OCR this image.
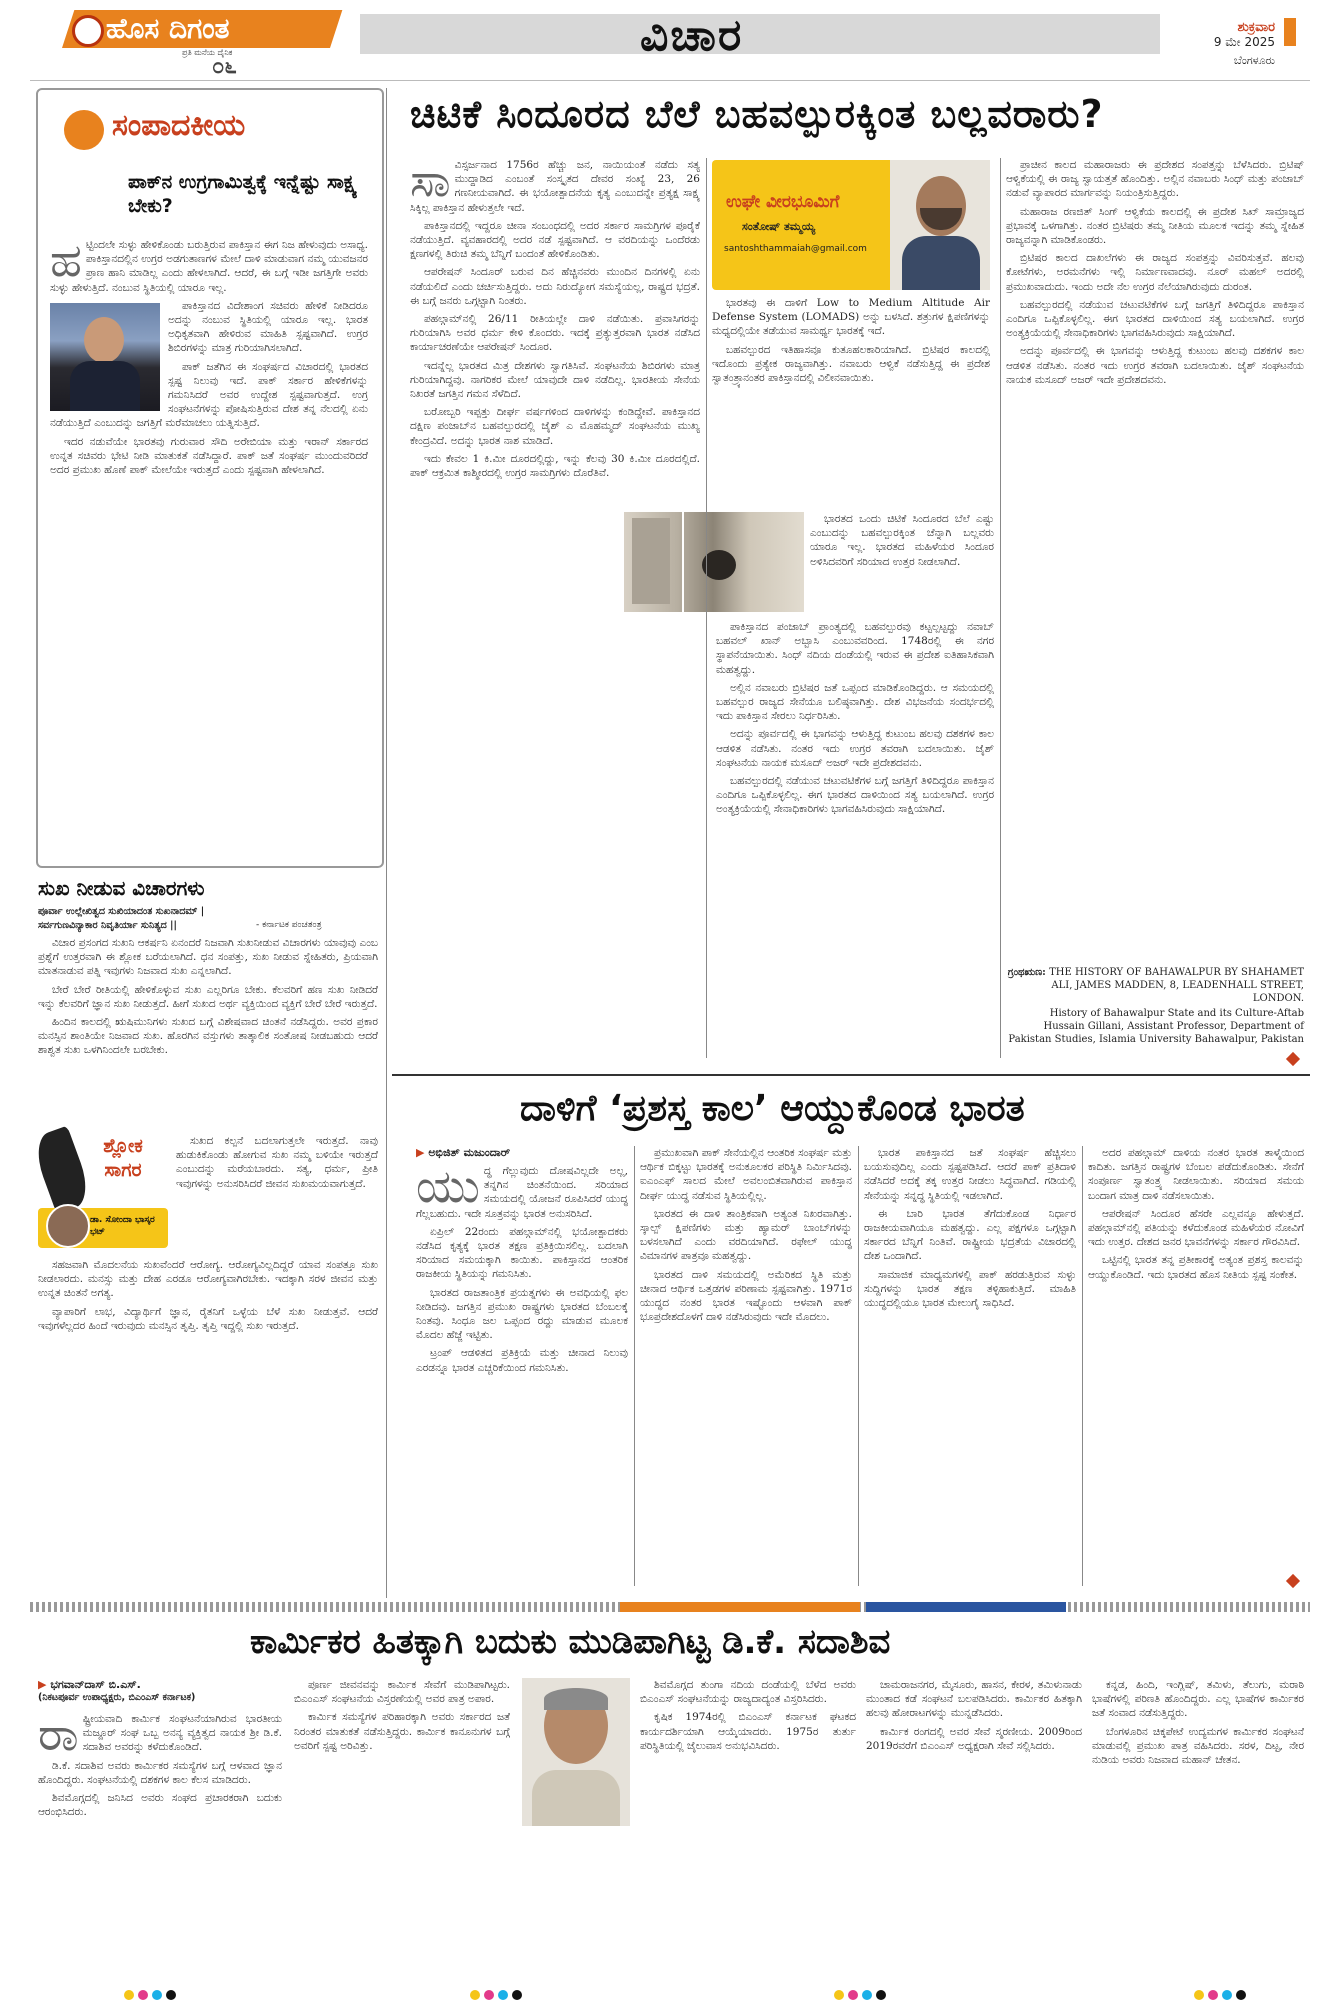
ಹೊಸ ದಿಗಂತ
ಪ್ರತಿ ಮನೆಯ ದೈನಿಕ
೦೬
ವಿಚಾರ	ಶುಕ್ರವಾರ
9 ಮೇ 2025
ಬೆಂಗಳೂರು
ಸಂಪಾದಕೀಯ
ಪಾಕ್‌ನ ಉಗ್ರಗಾಮಿತ್ವಕ್ಕೆ ಇನ್ನೆಷ್ಟು ಸಾಕ್ಷ್ಯ ಬೇಕು?
ಹ ಟ್ಟಿಂದಲೇ ಸುಳ್ಳು ಹೇಳಿಕೊಂಡು ಬರುತ್ತಿರುವ ಪಾಕಿಸ್ತಾನ ಈಗ ನಿಜ ಹೇಳುವುದು ಅಸಾಧ್ಯ. ಪಾಕಿಸ್ತಾನದಲ್ಲಿನ ಉಗ್ರರ ಅಡಗುತಾಣಗಳ ಮೇಲೆ ದಾಳಿ ಮಾಡುವಾಗ ನಮ್ಮ ಯುವಜನರ ಪ್ರಾಣ ಹಾನಿ ಮಾಡಿಲ್ಲ ಎಂದು ಹೇಳಲಾಗಿದೆ. ಆದರೆ, ಈ ಬಗ್ಗೆ ಇಡೀ ಜಗತ್ತಿಗೇ ಅವರು ಸುಳ್ಳು ಹೇಳುತ್ತಿದೆ. ನಂಬುವ ಸ್ಥಿತಿಯಲ್ಲಿ ಯಾರೂ ಇಲ್ಲ.

ಪಾಕಿಸ್ತಾನದ ವಿದೇಶಾಂಗ ಸಚಿವರು ಹೇಳಿಕೆ ನೀಡಿದರೂ ಅದನ್ನು ನಂಬುವ ಸ್ಥಿತಿಯಲ್ಲಿ ಯಾರೂ ಇಲ್ಲ. ಭಾರತ ಅಧಿಕೃತವಾಗಿ ಹೇಳಿರುವ ಮಾಹಿತಿ ಸ್ಪಷ್ಟವಾಗಿದೆ. ಉಗ್ರರ ಶಿಬಿರಗಳನ್ನು ಮಾತ್ರ ಗುರಿಯಾಗಿಸಲಾಗಿದೆ.

ಪಾಕ್ ಜತೆಗಿನ ಈ ಸಂಘರ್ಷದ ವಿಚಾರದಲ್ಲಿ ಭಾರತದ ಸ್ಪಷ್ಟ ನಿಲುವು ಇದೆ. ಪಾಕ್ ಸರ್ಕಾರ ಹೇಳಿಕೆಗಳನ್ನು ಗಮನಿಸಿದರೆ ಅವರ ಉದ್ದೇಶ ಸ್ಪಷ್ಟವಾಗುತ್ತದೆ. ಉಗ್ರ ಸಂಘಟನೆಗಳನ್ನು ಪೋಷಿಸುತ್ತಿರುವ ದೇಶ ತನ್ನ ನೆಲದಲ್ಲಿ ಏನು ನಡೆಯುತ್ತಿದೆ ಎಂಬುದನ್ನು ಜಗತ್ತಿಗೆ ಮರೆಮಾಚಲು ಯತ್ನಿಸುತ್ತಿದೆ.

ಇದರ ನಡುವೆಯೇ ಭಾರತವು ಗುರುವಾರ ಸೌದಿ ಅರೇಬಿಯಾ ಮತ್ತು ಇರಾನ್ ಸರ್ಕಾರದ ಉನ್ನತ ಸಚಿವರು ಭೇಟಿ ನೀಡಿ ಮಾತುಕತೆ ನಡೆಸಿದ್ದಾರೆ. ಪಾಕ್ ಜತೆ ಸಂಘರ್ಷ ಮುಂದುವರಿದರೆ ಅದರ ಪ್ರಮುಖ ಹೊಣೆ ಪಾಕ್ ಮೇಲೆಯೇ ಇರುತ್ತದೆ ಎಂದು ಸ್ಪಷ್ಟವಾಗಿ ಹೇಳಲಾಗಿದೆ.

ಸುಖ ನೀಡುವ ವಿಚಾರಗಳು
ಪೂರ್ವಾ ಉಲ್ಲೇಖಿತ್ವದ ಸುಖಿಯಾದಂತ ಸುಖನಾದಮ್ |
ಸರ್ವಗುಣವಿನ್ಯಾಕಾರ ನಿವೃತಿರ್ಯಾ ಸುನಿತ್ಯದ ||	- ಕರ್ನಾಟಕ ಪಂಚತಂತ್ರ

ವಿಚಾರ ಪ್ರಸಂಗದ ಸುಖನಿ ಆಕರ್ಷನಿ ಏನಂದರೆ ನಿಜವಾಗಿ ಸುಖನೀಡುವ ವಿಚಾರಗಳು ಯಾವುವು ಎಂಬ ಪ್ರಶ್ನೆಗೆ ಉತ್ತರವಾಗಿ ಈ ಶ್ಲೋಕ ಬರೆಯಲಾಗಿದೆ. ಧನ ಸಂಪತ್ತು, ಸುಖ ನೀಡುವ ಸ್ನೇಹಿತರು, ಪ್ರಿಯವಾಗಿ ಮಾತನಾಡುವ ಪತ್ನಿ ಇವುಗಳು ನಿಜವಾದ ಸುಖ ಎನ್ನಲಾಗಿದೆ.

ಬೇರೆ ಬೇರೆ ರೀತಿಯಲ್ಲಿ ಹೇಳಿಕೊಳ್ಳುವ ಸುಖ ಎಲ್ಲರಿಗೂ ಬೇಕು. ಕೆಲವರಿಗೆ ಹಣ ಸುಖ ನೀಡಿದರೆ ಇನ್ನು ಕೆಲವರಿಗೆ ಜ್ಞಾನ ಸುಖ ನೀಡುತ್ತದೆ. ಹೀಗೆ ಸುಖದ ಅರ್ಥ ವ್ಯಕ್ತಿಯಿಂದ ವ್ಯಕ್ತಿಗೆ ಬೇರೆ ಬೇರೆ ಇರುತ್ತದೆ.

ಹಿಂದಿನ ಕಾಲದಲ್ಲಿ ಋಷಿಮುನಿಗಳು ಸುಖದ ಬಗ್ಗೆ ವಿಶೇಷವಾದ ಚಿಂತನೆ ನಡೆಸಿದ್ದರು. ಅವರ ಪ್ರಕಾರ ಮನಸ್ಸಿನ ಶಾಂತಿಯೇ ನಿಜವಾದ ಸುಖ. ಹೊರಗಿನ ವಸ್ತುಗಳು ತಾತ್ಕಾಲಿಕ ಸಂತೋಷ ನೀಡಬಹುದು ಆದರೆ ಶಾಶ್ವತ ಸುಖ ಒಳಗಿನಿಂದಲೇ ಬರಬೇಕು.

ಶ್ಲೋಕ ಸಾಗರ
ಡಾ. ಸೋಂದಾ ಭಾಸ್ಕರ ಭಟ್

ಸುಖದ ಕಲ್ಪನೆ ಬದಲಾಗುತ್ತಲೇ ಇರುತ್ತದೆ. ನಾವು ಹುಡುಕಿಕೊಂಡು ಹೋಗುವ ಸುಖ ನಮ್ಮ ಬಳಿಯೇ ಇರುತ್ತದೆ ಎಂಬುದನ್ನು ಮರೆಯಬಾರದು. ಸತ್ಯ, ಧರ್ಮ, ಪ್ರೀತಿ ಇವುಗಳನ್ನು ಅನುಸರಿಸಿದರೆ ಜೀವನ ಸುಖಮಯವಾಗುತ್ತದೆ.

ಸಹಜವಾಗಿ ಮೊದಲನೆಯ ಸುಖವೆಂದರೆ ಆರೋಗ್ಯ. ಆರೋಗ್ಯವಿಲ್ಲದಿದ್ದರೆ ಯಾವ ಸಂಪತ್ತೂ ಸುಖ ನೀಡಲಾರದು. ಮನಸ್ಸು ಮತ್ತು ದೇಹ ಎರಡೂ ಆರೋಗ್ಯವಾಗಿರಬೇಕು. ಇದಕ್ಕಾಗಿ ಸರಳ ಜೀವನ ಮತ್ತು ಉನ್ನತ ಚಿಂತನೆ ಅಗತ್ಯ.

ವ್ಯಾಪಾರಿಗೆ ಲಾಭ, ವಿದ್ಯಾರ್ಥಿಗೆ ಜ್ಞಾನ, ರೈತನಿಗೆ ಒಳ್ಳೆಯ ಬೆಳೆ ಸುಖ ನೀಡುತ್ತವೆ. ಆದರೆ ಇವುಗಳೆಲ್ಲದರ ಹಿಂದೆ ಇರುವುದು ಮನಸ್ಸಿನ ತೃಪ್ತಿ. ತೃಪ್ತಿ ಇದ್ದಲ್ಲಿ ಸುಖ ಇರುತ್ತದೆ.

ಚಿಟಿಕೆ ಸಿಂದೂರದ ಬೆಲೆ ಬಹವಲ್ಪುರಕ್ಕಿಂತ ಬಲ್ಲವರಾರು?
ಸಾ ವಿಸ್ಸರ್ಜನಾದ 1756ರ ಹೆಚ್ಚು ಜನ, ನಾಯಿಯಂತೆ ನಡೆದು ಸತ್ಯ ಮುದ್ದಾಡಿದ ಎಂಬಂತೆ ಸಂಸ್ಕೃತದ ದೇವರ ಸಂಖ್ಯೆ 23, 26 ಗಣನೀಯವಾಗಿದೆ. ಈ ಭಯೋತ್ಪಾದನೆಯ ಕೃತ್ಯ ಎಂಬುದನ್ನೇ ಪ್ರತ್ಯಕ್ಷ ಸಾಕ್ಷ್ಯ ಸಿಕ್ಕಿಲ್ಲ ಪಾಕಿಸ್ತಾನ ಹೇಳುತ್ತಲೇ ಇದೆ.

ಪಾಕಿಸ್ತಾನದಲ್ಲಿ ಇದ್ದರೂ ಚೀನಾ ಸಂಬಂಧದಲ್ಲಿ ಅದರ ಸರ್ಕಾರ ಸಾಮಗ್ರಿಗಳ ಪೂರೈಕೆ ನಡೆಯುತ್ತಿದೆ. ವ್ಯವಹಾರದಲ್ಲಿ ಅದರ ನಡೆ ಸ್ಪಷ್ಟವಾಗಿದೆ. ಆ ವರದಿಯನ್ನು ಒಂದೆರಡು ಕ್ಷಣಗಳಲ್ಲಿ ತಿರುಚಿ ತಮ್ಮ ಬೆನ್ನಿಗೆ ಬಂದಂತೆ ಹೇಳಿಕೊಂಡಿತು.

ಆಪರೇಷನ್ ಸಿಂದೂರ್ ಬರುವ ದಿನ ಹೆಚ್ಚಿನವರು ಮುಂದಿನ ದಿನಗಳಲ್ಲಿ ಏನು ನಡೆಯಲಿದೆ ಎಂದು ಚರ್ಚಿಸುತ್ತಿದ್ದರು. ಅದು ನಿರುದ್ಯೋಗ ಸಮಸ್ಯೆಯಲ್ಲ, ರಾಷ್ಟ್ರದ ಭದ್ರತೆ. ಈ ಬಗ್ಗೆ ಜನರು ಒಗ್ಗಟ್ಟಾಗಿ ನಿಂತರು.

ಪಹಲ್ಗಾಮ್‌ನಲ್ಲಿ 26/11 ರೀತಿಯಲ್ಲೇ ದಾಳಿ ನಡೆಯಿತು. ಪ್ರವಾಸಿಗರನ್ನು ಗುರಿಯಾಗಿಸಿ ಅವರ ಧರ್ಮ ಕೇಳಿ ಕೊಂದರು. ಇದಕ್ಕೆ ಪ್ರತ್ಯುತ್ತರವಾಗಿ ಭಾರತ ನಡೆಸಿದ ಕಾರ್ಯಾಚರಣೆಯೇ ಆಪರೇಷನ್ ಸಿಂದೂರ.

ಇದನ್ನೆಲ್ಲ ಭಾರತದ ಮಿತ್ರ ದೇಶಗಳು ಸ್ವಾಗತಿಸಿವೆ. ಸಂಘಟನೆಯ ಶಿಬಿರಗಳು ಮಾತ್ರ ಗುರಿಯಾಗಿದ್ದವು. ನಾಗರಿಕರ ಮೇಲೆ ಯಾವುದೇ ದಾಳಿ ನಡೆದಿಲ್ಲ. ಭಾರತೀಯ ಸೇನೆಯ ನಿಖರತೆ ಜಗತ್ತಿನ ಗಮನ ಸೆಳೆದಿದೆ.

ಬರೋಬ್ಬರಿ ಇಪ್ಪತ್ತು ದೀರ್ಘ ವರ್ಷಗಳಿಂದ ದಾಳಿಗಳನ್ನು ಕಂಡಿದ್ದೇವೆ. ಪಾಕಿಸ್ತಾನದ ದಕ್ಷಿಣ ಪಂಜಾಬ್‌ನ ಬಹವಲ್ಪುರದಲ್ಲಿ ಜೈಶ್ ಎ ಮೊಹಮ್ಮದ್ ಸಂಘಟನೆಯ ಮುಖ್ಯ ಕೇಂದ್ರವಿದೆ. ಅದನ್ನು ಭಾರತ ನಾಶ ಮಾಡಿದೆ.

ಇದು ಕೇವಲ 1 ಕಿ.ಮೀ ದೂರದಲ್ಲಿದ್ದು, ಇನ್ನು ಕೆಲವು 30 ಕಿ.ಮೀ ದೂರದಲ್ಲಿದೆ. ಪಾಕ್ ಆಕ್ರಮಿತ ಕಾಶ್ಮೀರದಲ್ಲಿ ಉಗ್ರರ ಸಾಮಗ್ರಿಗಳು ದೊರೆತಿವೆ.

ಉಘೇ ವೀರಭೂಮಿಗೆ
ಸಂತೋಷ್ ತಮ್ಮಯ್ಯ
santoshthammaiah@gmail.com

ಭಾರತವು ಈ ದಾಳಿಗೆ Low to Medium Altitude Air Defense System (LOMADS) ಅನ್ನು ಬಳಸಿದೆ. ಶತ್ರುಗಳ ಕ್ಷಿಪಣಿಗಳನ್ನು ಮಧ್ಯದಲ್ಲಿಯೇ ತಡೆಯುವ ಸಾಮರ್ಥ್ಯ ಭಾರತಕ್ಕೆ ಇದೆ.

ಬಹವಲ್ಪುರದ ಇತಿಹಾಸವೂ ಕುತೂಹಲಕಾರಿಯಾಗಿದೆ. ಬ್ರಿಟಿಷರ ಕಾಲದಲ್ಲಿ ಇದೊಂದು ಪ್ರತ್ಯೇಕ ರಾಜ್ಯವಾಗಿತ್ತು. ನವಾಬರು ಆಳ್ವಿಕೆ ನಡೆಸುತ್ತಿದ್ದ ಈ ಪ್ರದೇಶ ಸ್ವಾತಂತ್ರ್ಯಾನಂತರ ಪಾಕಿಸ್ತಾನದಲ್ಲಿ ವಿಲೀನವಾಯಿತು.

ಪಾಕಿಸ್ತಾನದ ಪಂಜಾಬ್ ಪ್ರಾಂತ್ಯದಲ್ಲಿ ಬಹವಲ್ಪುರವು ಕಟ್ಟಲ್ಪಟ್ಟದ್ದು ನವಾಬ್ ಬಹವಲ್ ಖಾನ್ ಅಬ್ಬಾಸಿ ಎಂಬುವವರಿಂದ. 1748ರಲ್ಲಿ ಈ ನಗರ ಸ್ಥಾಪನೆಯಾಯಿತು. ಸಿಂಧ್ ನದಿಯ ದಂಡೆಯಲ್ಲಿ ಇರುವ ಈ ಪ್ರದೇಶ ಐತಿಹಾಸಿಕವಾಗಿ ಮಹತ್ವದ್ದು.

ಅಲ್ಲಿನ ನವಾಬರು ಬ್ರಿಟಿಷರ ಜತೆ ಒಪ್ಪಂದ ಮಾಡಿಕೊಂಡಿದ್ದರು. ಆ ಸಮಯದಲ್ಲಿ ಬಹವಲ್ಪುರ ರಾಜ್ಯದ ಸೇನೆಯೂ ಬಲಿಷ್ಠವಾಗಿತ್ತು. ದೇಶ ವಿಭಜನೆಯ ಸಂದರ್ಭದಲ್ಲಿ ಇದು ಪಾಕಿಸ್ತಾನ ಸೇರಲು ನಿರ್ಧರಿಸಿತು.

ಅದನ್ನು ಪೂರ್ವದಲ್ಲಿ ಈ ಭಾಗವನ್ನು ಆಳುತ್ತಿದ್ದ ಕುಟುಂಬ ಹಲವು ದಶಕಗಳ ಕಾಲ ಆಡಳಿತ ನಡೆಸಿತು. ನಂತರ ಇದು ಉಗ್ರರ ತವರಾಗಿ ಬದಲಾಯಿತು. ಜೈಶ್ ಸಂಘಟನೆಯ ನಾಯಕ ಮಸೂದ್ ಅಜರ್ ಇದೇ ಪ್ರದೇಶದವನು.

ಬಹವಲ್ಪುರದಲ್ಲಿ ನಡೆಯುವ ಚಟುವಟಿಕೆಗಳ ಬಗ್ಗೆ ಜಗತ್ತಿಗೆ ತಿಳಿದಿದ್ದರೂ ಪಾಕಿಸ್ತಾನ ಎಂದಿಗೂ ಒಪ್ಪಿಕೊಳ್ಳಲಿಲ್ಲ. ಈಗ ಭಾರತದ ದಾಳಿಯಿಂದ ಸತ್ಯ ಬಯಲಾಗಿದೆ. ಉಗ್ರರ ಅಂತ್ಯಕ್ರಿಯೆಯಲ್ಲಿ ಸೇನಾಧಿಕಾರಿಗಳು ಭಾಗವಹಿಸಿರುವುದು ಸಾಕ್ಷಿಯಾಗಿದೆ.

ಭಾರತದ ಒಂದು ಚಿಟಿಕೆ ಸಿಂದೂರದ ಬೆಲೆ ಎಷ್ಟು ಎಂಬುದನ್ನು ಬಹವಲ್ಪುರಕ್ಕಿಂತ ಚೆನ್ನಾಗಿ ಬಲ್ಲವರು ಯಾರೂ ಇಲ್ಲ. ಭಾರತದ ಮಹಿಳೆಯರ ಸಿಂದೂರ ಅಳಿಸಿದವರಿಗೆ ಸರಿಯಾದ ಉತ್ತರ ನೀಡಲಾಗಿದೆ.

ಪ್ರಾಚೀನ ಕಾಲದ ಮಹಾರಾಜರು ಈ ಪ್ರದೇಶದ ಸಂಪತ್ತನ್ನು ಬೆಳೆಸಿದರು. ಬ್ರಿಟಿಷ್ ಆಳ್ವಿಕೆಯಲ್ಲಿ ಈ ರಾಜ್ಯ ಸ್ವಾಯತ್ತತೆ ಹೊಂದಿತ್ತು. ಅಲ್ಲಿನ ನವಾಬರು ಸಿಂಧ್ ಮತ್ತು ಪಂಜಾಬ್ ನಡುವೆ ವ್ಯಾಪಾರದ ಮಾರ್ಗವನ್ನು ನಿಯಂತ್ರಿಸುತ್ತಿದ್ದರು.

ಮಹಾರಾಜ ರಣಜಿತ್ ಸಿಂಗ್ ಆಳ್ವಿಕೆಯ ಕಾಲದಲ್ಲಿ ಈ ಪ್ರದೇಶ ಸಿಖ್ ಸಾಮ್ರಾಜ್ಯದ ಪ್ರಭಾವಕ್ಕೆ ಒಳಗಾಗಿತ್ತು. ನಂತರ ಬ್ರಿಟಿಷರು ತಮ್ಮ ನೀತಿಯ ಮೂಲಕ ಇದನ್ನು ತಮ್ಮ ಸ್ನೇಹಿತ ರಾಜ್ಯವನ್ನಾಗಿ ಮಾಡಿಕೊಂಡರು.

ಬ್ರಿಟಿಷರ ಕಾಲದ ದಾಖಲೆಗಳು ಈ ರಾಜ್ಯದ ಸಂಪತ್ತನ್ನು ವಿವರಿಸುತ್ತವೆ. ಹಲವು ಕೋಟೆಗಳು, ಅರಮನೆಗಳು ಇಲ್ಲಿ ನಿರ್ಮಾಣವಾದವು. ನೂರ್ ಮಹಲ್ ಅದರಲ್ಲಿ ಪ್ರಮುಖವಾದುದು. ಇಂದು ಅದೇ ನೆಲ ಉಗ್ರರ ನೆಲೆಯಾಗಿರುವುದು ದುರಂತ.

ಬಹವಲ್ಪುರದಲ್ಲಿ ನಡೆಯುವ ಚಟುವಟಿಕೆಗಳ ಬಗ್ಗೆ ಜಗತ್ತಿಗೆ ತಿಳಿದಿದ್ದರೂ ಪಾಕಿಸ್ತಾನ ಎಂದಿಗೂ ಒಪ್ಪಿಕೊಳ್ಳಲಿಲ್ಲ. ಈಗ ಭಾರತದ ದಾಳಿಯಿಂದ ಸತ್ಯ ಬಯಲಾಗಿದೆ. ಉಗ್ರರ ಅಂತ್ಯಕ್ರಿಯೆಯಲ್ಲಿ ಸೇನಾಧಿಕಾರಿಗಳು ಭಾಗವಹಿಸಿರುವುದು ಸಾಕ್ಷಿಯಾಗಿದೆ.

ಅದನ್ನು ಪೂರ್ವದಲ್ಲಿ ಈ ಭಾಗವನ್ನು ಆಳುತ್ತಿದ್ದ ಕುಟುಂಬ ಹಲವು ದಶಕಗಳ ಕಾಲ ಆಡಳಿತ ನಡೆಸಿತು. ನಂತರ ಇದು ಉಗ್ರರ ತವರಾಗಿ ಬದಲಾಯಿತು. ಜೈಶ್ ಸಂಘಟನೆಯ ನಾಯಕ ಮಸೂದ್ ಅಜರ್ ಇದೇ ಪ್ರದೇಶದವನು.

ಗ್ರಂಥಋಣ: THE HISTORY OF BAHAWALPUR BY SHAHAMET ALI, JAMES MADDEN, 8, LEADENHALL STREET, LONDON.
History of Bahawalpur State and its Culture-Aftab Hussain Gillani, Assistant Professor, Department of Pakistan Studies, Islamia University Bahawalpur, Pakistan
ದಾಳಿಗೆ ‘ಪ್ರಶಸ್ತ ಕಾಲ’ ಆಯ್ದುಕೊಂಡ ಭಾರತ
▶ ಅಭಿಜಿತ್ ಮಜುಂದಾರ್
ಯು ದ್ಧ ಗೆಲ್ಲುವುದು ದೋಷವಿಲ್ಲದೇ ಅಲ್ಲ, ತನ್ನಗಿನ ಚಿಂತನೆಯಿಂದ. ಸರಿಯಾದ ಸಮಯದಲ್ಲಿ ಯೋಜನೆ ರೂಪಿಸಿದರೆ ಯುದ್ಧ ಗೆಲ್ಲಬಹುದು. ಇದೇ ಸೂತ್ರವನ್ನು ಭಾರತ ಅನುಸರಿಸಿದೆ.

ಏಪ್ರಿಲ್ 22ರಂದು ಪಹಲ್ಗಾಮ್‌ನಲ್ಲಿ ಭಯೋತ್ಪಾದಕರು ನಡೆಸಿದ ಕೃತ್ಯಕ್ಕೆ ಭಾರತ ತಕ್ಷಣ ಪ್ರತಿಕ್ರಿಯಿಸಲಿಲ್ಲ. ಬದಲಾಗಿ ಸರಿಯಾದ ಸಮಯಕ್ಕಾಗಿ ಕಾಯಿತು. ಪಾಕಿಸ್ತಾನದ ಆಂತರಿಕ ರಾಜಕೀಯ ಸ್ಥಿತಿಯನ್ನು ಗಮನಿಸಿತು.

ಭಾರತದ ರಾಜತಾಂತ್ರಿಕ ಪ್ರಯತ್ನಗಳು ಈ ಅವಧಿಯಲ್ಲಿ ಫಲ ನೀಡಿದವು. ಜಗತ್ತಿನ ಪ್ರಮುಖ ರಾಷ್ಟ್ರಗಳು ಭಾರತದ ಬೆಂಬಲಕ್ಕೆ ನಿಂತವು. ಸಿಂಧೂ ಜಲ ಒಪ್ಪಂದ ರದ್ದು ಮಾಡುವ ಮೂಲಕ ಮೊದಲ ಹೆಜ್ಜೆ ಇಟ್ಟಿತು.

ಟ್ರಂಪ್ ಆಡಳಿತದ ಪ್ರತಿಕ್ರಿಯೆ ಮತ್ತು ಚೀನಾದ ನಿಲುವು ಎರಡನ್ನೂ ಭಾರತ ಎಚ್ಚರಿಕೆಯಿಂದ ಗಮನಿಸಿತು.

ಪ್ರಮುಖವಾಗಿ ಪಾಕ್ ಸೇನೆಯಲ್ಲಿನ ಆಂತರಿಕ ಸಂಘರ್ಷ ಮತ್ತು ಆರ್ಥಿಕ ಬಿಕ್ಕಟ್ಟು ಭಾರತಕ್ಕೆ ಅನುಕೂಲಕರ ಪರಿಸ್ಥಿತಿ ನಿರ್ಮಿಸಿದವು. ಐಎಂಎಫ್ ಸಾಲದ ಮೇಲೆ ಅವಲಂಬಿತವಾಗಿರುವ ಪಾಕಿಸ್ತಾನ ದೀರ್ಘ ಯುದ್ಧ ನಡೆಸುವ ಸ್ಥಿತಿಯಲ್ಲಿಲ್ಲ.

ಭಾರತದ ಈ ದಾಳಿ ತಾಂತ್ರಿಕವಾಗಿ ಅತ್ಯಂತ ನಿಖರವಾಗಿತ್ತು. ಸ್ಕಾಲ್ಪ್ ಕ್ಷಿಪಣಿಗಳು ಮತ್ತು ಹ್ಯಾಮರ್ ಬಾಂಬ್‌ಗಳನ್ನು ಬಳಸಲಾಗಿದೆ ಎಂದು ವರದಿಯಾಗಿದೆ. ರಫೇಲ್ ಯುದ್ಧ ವಿಮಾನಗಳ ಪಾತ್ರವೂ ಮಹತ್ವದ್ದು.

ಭಾರತದ ದಾಳಿ ಸಮಯದಲ್ಲಿ ಅಮೆರಿಕದ ಸ್ಥಿತಿ ಮತ್ತು ಚೀನಾದ ಆರ್ಥಿಕ ಒತ್ತಡಗಳ ಪರಿಣಾಮ ಸ್ಪಷ್ಟವಾಗಿತ್ತು. 1971ರ ಯುದ್ಧದ ನಂತರ ಭಾರತ ಇಷ್ಟೊಂದು ಆಳವಾಗಿ ಪಾಕ್ ಭೂಪ್ರದೇಶದೊಳಗೆ ದಾಳಿ ನಡೆಸಿರುವುದು ಇದೇ ಮೊದಲು.

ಭಾರತ ಪಾಕಿಸ್ತಾನದ ಜತೆ ಸಂಘರ್ಷ ಹೆಚ್ಚಿಸಲು ಬಯಸುವುದಿಲ್ಲ ಎಂದು ಸ್ಪಷ್ಟಪಡಿಸಿದೆ. ಆದರೆ ಪಾಕ್ ಪ್ರತಿದಾಳಿ ನಡೆಸಿದರೆ ಅದಕ್ಕೆ ತಕ್ಕ ಉತ್ತರ ನೀಡಲು ಸಿದ್ಧವಾಗಿದೆ. ಗಡಿಯಲ್ಲಿ ಸೇನೆಯನ್ನು ಸನ್ನದ್ಧ ಸ್ಥಿತಿಯಲ್ಲಿ ಇಡಲಾಗಿದೆ.

ಈ ಬಾರಿ ಭಾರತ ತೆಗೆದುಕೊಂಡ ನಿರ್ಧಾರ ರಾಜಕೀಯವಾಗಿಯೂ ಮಹತ್ವದ್ದು. ಎಲ್ಲ ಪಕ್ಷಗಳೂ ಒಗ್ಗಟ್ಟಾಗಿ ಸರ್ಕಾರದ ಬೆನ್ನಿಗೆ ನಿಂತಿವೆ. ರಾಷ್ಟ್ರೀಯ ಭದ್ರತೆಯ ವಿಚಾರದಲ್ಲಿ ದೇಶ ಒಂದಾಗಿದೆ.

ಸಾಮಾಜಿಕ ಮಾಧ್ಯಮಗಳಲ್ಲಿ ಪಾಕ್ ಹರಡುತ್ತಿರುವ ಸುಳ್ಳು ಸುದ್ದಿಗಳನ್ನು ಭಾರತ ತಕ್ಷಣ ತಳ್ಳಿಹಾಕುತ್ತಿದೆ. ಮಾಹಿತಿ ಯುದ್ಧದಲ್ಲಿಯೂ ಭಾರತ ಮೇಲುಗೈ ಸಾಧಿಸಿದೆ.

ಅದರ ಪಹಲ್ಗಾಮ್ ದಾಳಿಯ ನಂತರ ಭಾರತ ತಾಳ್ಮೆಯಿಂದ ಕಾದಿತು. ಜಗತ್ತಿನ ರಾಷ್ಟ್ರಗಳ ಬೆಂಬಲ ಪಡೆದುಕೊಂಡಿತು. ಸೇನೆಗೆ ಸಂಪೂರ್ಣ ಸ್ವಾತಂತ್ರ್ಯ ನೀಡಲಾಯಿತು. ಸರಿಯಾದ ಸಮಯ ಬಂದಾಗ ಮಾತ್ರ ದಾಳಿ ನಡೆಸಲಾಯಿತು.

ಆಪರೇಷನ್ ಸಿಂದೂರ ಹೆಸರೇ ಎಲ್ಲವನ್ನೂ ಹೇಳುತ್ತದೆ. ಪಹಲ್ಗಾಮ್‌ನಲ್ಲಿ ಪತಿಯನ್ನು ಕಳೆದುಕೊಂಡ ಮಹಿಳೆಯರ ನೋವಿಗೆ ಇದು ಉತ್ತರ. ದೇಶದ ಜನರ ಭಾವನೆಗಳನ್ನು ಸರ್ಕಾರ ಗೌರವಿಸಿದೆ.

ಒಟ್ಟಿನಲ್ಲಿ ಭಾರತ ತನ್ನ ಪ್ರತೀಕಾರಕ್ಕೆ ಅತ್ಯಂತ ಪ್ರಶಸ್ತ ಕಾಲವನ್ನು ಆಯ್ದುಕೊಂಡಿದೆ. ಇದು ಭಾರತದ ಹೊಸ ನೀತಿಯ ಸ್ಪಷ್ಟ ಸಂಕೇತ.

ಕಾರ್ಮಿಕರ ಹಿತಕ್ಕಾಗಿ ಬದುಕು ಮುಡಿಪಾಗಿಟ್ಟ ಡಿ.ಕೆ. ಸದಾಶಿವ
▶ ಭಗವಾನ್‌ದಾಸ್ ಬಿ.ಎಸ್.
(ನಿಕಟಪೂರ್ವ ಉಪಾಧ್ಯಕ್ಷರು, ಬಿಎಂಎಸ್ ಕರ್ನಾಟಕ)
ರಾ ಷ್ಟ್ರೀಯವಾದಿ ಕಾರ್ಮಿಕ ಸಂಘಟನೆಯಾಗಿರುವ ಭಾರತೀಯ ಮಜ್ದೂರ್ ಸಂಘ ಒಬ್ಬ ಅನನ್ಯ ವ್ಯಕ್ತಿತ್ವದ ನಾಯಕ ಶ್ರೀ ಡಿ.ಕೆ. ಸದಾಶಿವ ಅವರನ್ನು ಕಳೆದುಕೊಂಡಿದೆ.

ಡಿ.ಕೆ. ಸದಾಶಿವ ಅವರು ಕಾರ್ಮಿಕರ ಸಮಸ್ಯೆಗಳ ಬಗ್ಗೆ ಆಳವಾದ ಜ್ಞಾನ ಹೊಂದಿದ್ದರು. ಸಂಘಟನೆಯಲ್ಲಿ ದಶಕಗಳ ಕಾಲ ಕೆಲಸ ಮಾಡಿದರು.

ಶಿವಮೊಗ್ಗದಲ್ಲಿ ಜನಿಸಿದ ಅವರು ಸಂಘದ ಪ್ರಚಾರಕರಾಗಿ ಬದುಕು ಆರಂಭಿಸಿದರು.

ಪೂರ್ಣ ಜೀವನವನ್ನು ಕಾರ್ಮಿಕ ಸೇವೆಗೆ ಮುಡಿಪಾಗಿಟ್ಟರು. ಬಿಎಂಎಸ್ ಸಂಘಟನೆಯ ವಿಸ್ತರಣೆಯಲ್ಲಿ ಅವರ ಪಾತ್ರ ಅಪಾರ.

ಕಾರ್ಮಿಕ ಸಮಸ್ಯೆಗಳ ಪರಿಹಾರಕ್ಕಾಗಿ ಅವರು ಸರ್ಕಾರದ ಜತೆ ನಿರಂತರ ಮಾತುಕತೆ ನಡೆಸುತ್ತಿದ್ದರು. ಕಾರ್ಮಿಕ ಕಾನೂನುಗಳ ಬಗ್ಗೆ ಅವರಿಗೆ ಸ್ಪಷ್ಟ ಅರಿವಿತ್ತು.

ಶಿವಮೊಗ್ಗದ ತುಂಗಾ ನದಿಯ ದಂಡೆಯಲ್ಲಿ ಬೆಳೆದ ಅವರು ಬಿಎಂಎಸ್ ಸಂಘಟನೆಯನ್ನು ರಾಜ್ಯದಾದ್ಯಂತ ವಿಸ್ತರಿಸಿದರು.

ಕೃಷಿಕ 1974ರಲ್ಲಿ ಬಿಎಂಎಸ್ ಕರ್ನಾಟಕ ಘಟಕದ ಕಾರ್ಯದರ್ಶಿಯಾಗಿ ಆಯ್ಕೆಯಾದರು. 1975ರ ತುರ್ತು ಪರಿಸ್ಥಿತಿಯಲ್ಲಿ ಜೈಲುವಾಸ ಅನುಭವಿಸಿದರು.

ಚಾಮರಾಜನಗರ, ಮೈಸೂರು, ಹಾಸನ, ಕೇರಳ, ತಮಿಳುನಾಡು ಮುಂತಾದ ಕಡೆ ಸಂಘಟನೆ ಬಲಪಡಿಸಿದರು. ಕಾರ್ಮಿಕರ ಹಿತಕ್ಕಾಗಿ ಹಲವು ಹೋರಾಟಗಳನ್ನು ಮುನ್ನಡೆಸಿದರು.

ಕಾರ್ಮಿಕ ರಂಗದಲ್ಲಿ ಅವರ ಸೇವೆ ಸ್ಮರಣೀಯ. 2009ರಿಂದ 2019ರವರೆಗೆ ಬಿಎಂಎಸ್ ಅಧ್ಯಕ್ಷರಾಗಿ ಸೇವೆ ಸಲ್ಲಿಸಿದರು.

ಕನ್ನಡ, ಹಿಂದಿ, ಇಂಗ್ಲಿಷ್, ತಮಿಳು, ತೆಲುಗು, ಮರಾಠಿ ಭಾಷೆಗಳಲ್ಲಿ ಪರಿಣತಿ ಹೊಂದಿದ್ದರು. ಎಲ್ಲ ಭಾಷೆಗಳ ಕಾರ್ಮಿಕರ ಜತೆ ಸಂವಾದ ನಡೆಸುತ್ತಿದ್ದರು.

ಬೆಂಗಳೂರಿನ ಚಿಕ್ಕಪೇಟೆ ಉದ್ಯಮಗಳ ಕಾರ್ಮಿಕರ ಸಂಘಟನೆ ಮಾಡುವಲ್ಲಿ ಪ್ರಮುಖ ಪಾತ್ರ ವಹಿಸಿದರು. ಸರಳ, ದಿಟ್ಟ, ನೇರ ನುಡಿಯ ಅವರು ನಿಜವಾದ ಮಹಾನ್ ಚೇತನ.
